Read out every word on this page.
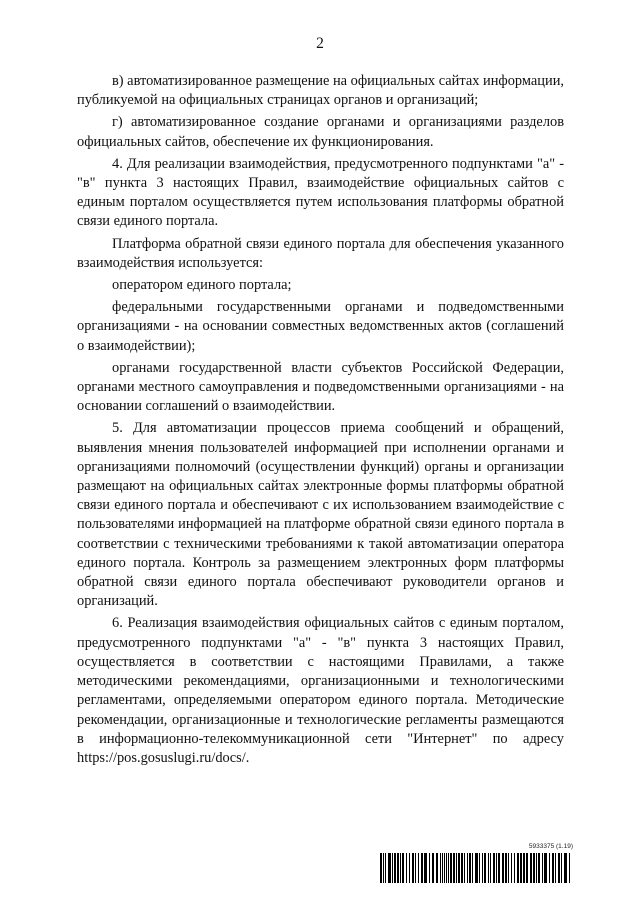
2

в) автоматизированное размещение на официальных сайтах информации, публикуемой на официальных страницах органов и организаций;

г) автоматизированное создание органами и организациями разделов официальных сайтов, обеспечение их функционирования.

4. Для реализации взаимодействия, предусмотренного подпунктами "а" - "в" пункта 3 настоящих Правил, взаимодействие официальных сайтов с единым порталом осуществляется путем использования платформы обратной связи единого портала.

Платформа обратной связи единого портала для обеспечения указанного взаимодействия используется:

оператором единого портала;

федеральными государственными органами и подведомственными организациями - на основании совместных ведомственных актов (соглашений о взаимодействии);

органами государственной власти субъектов Российской Федерации, органами местного самоуправления и подведомственными организациями - на основании соглашений о взаимодействии.

5. Для автоматизации процессов приема сообщений и обращений, выявления мнения пользователей информацией при исполнении органами и организациями полномочий (осуществлении функций) органы и организации размещают на официальных сайтах электронные формы платформы обратной связи единого портала и обеспечивают с их использованием взаимодействие с пользователями информацией на платформе обратной связи единого портала в соответствии с техническими требованиями к такой автоматизации оператора единого портала. Контроль за размещением электронных форм платформы обратной связи единого портала обеспечивают руководители органов и организаций.

6. Реализация взаимодействия официальных сайтов с единым порталом, предусмотренного подпунктами "а" - "в" пункта 3 настоящих Правил, осуществляется в соответствии с настоящими Правилами, а также методическими рекомендациями, организационными и технологическими регламентами, определяемыми оператором единого портала. Методические рекомендации, организационные и технологические регламенты размещаются в информационно-телекоммуникационной сети "Интернет" по адресу https://pos.gosuslugi.ru/docs/.

5933375 (1.19)
